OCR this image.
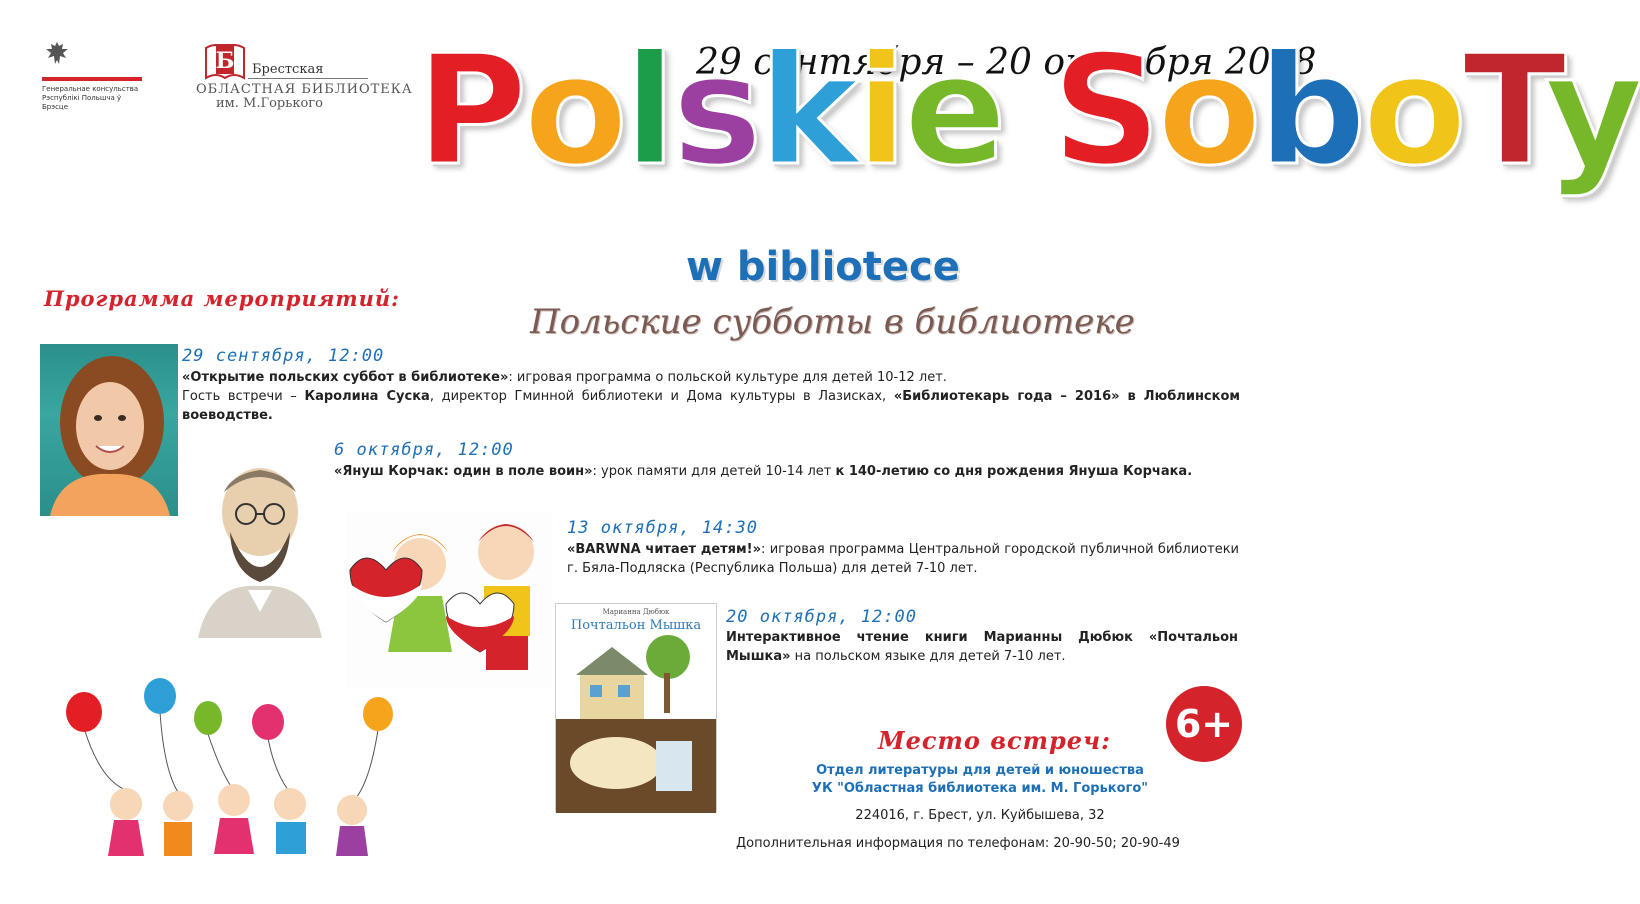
Генеральнае консульства
Рэспублікі Польшча ў Брэсце
Б Брестская
ОБЛАСТНАЯ БИБЛИОТЕКА
им. М.Горького
29 сентября – 20 октября 2018
Polskie SoboTy
w bibliotece
Польские субботы в библиотеке
Программа мероприятий:
Марианна Дюбюк
Почтальон Мышка
29 сентября, 12:00
«Открытие польских суббот в библиотеке»: игровая программа о польской культуре для детей 10-12 лет.
Гость встречи – Каролина Суска, директор Гминной библиотеки и Дома культуры в Лазисках, «Библиотекарь года – 2016» в Люблинском воеводстве.
6 октября, 12:00
«Януш Корчак: один в поле воин»: урок памяти для детей 10-14 лет к 140-летию со дня рождения Януша Корчака.
13 октября, 14:30
«BARWNA читает детям!»: игровая программа Центральной городской публичной библиотеки г. Бяла-Подляска (Республика Польша) для детей 7-10 лет.
20 октября, 12:00
Интерактивное чтение книги Марианны Дюбюк «Почтальон Мышка» на польском языке для детей 7-10 лет.
6+
Место встреч:
Отдел литературы для детей и юношества
УК "Областная библиотека им. М. Горького"
224016, г. Брест, ул. Куйбышева, 32
Дополнительная информация по телефонам: 20-90-50; 20-90-49
